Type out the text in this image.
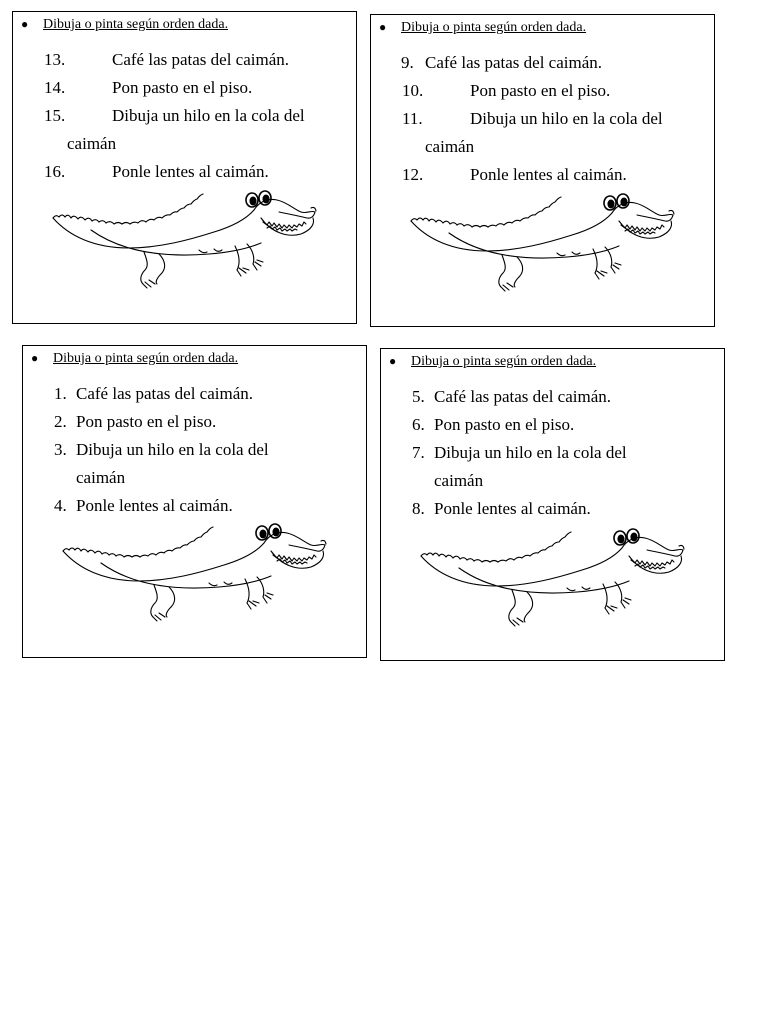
● Dibuja o pinta según orden dada.
13.	Café las patas del caimán.
14.	Pon pasto en el piso.
15.	Dibuja un hilo en la cola del
caimán
16.	Ponle lentes al caimán.
● Dibuja o pinta según orden dada.
9. Café las patas del caimán.
10.	Pon pasto en el piso.
11.	Dibuja un hilo en la cola del
caimán
12.	Ponle lentes al caimán.
● Dibuja o pinta según orden dada.
1. Café las patas del caimán.
2. Pon pasto en el piso.
3. Dibuja un hilo en la cola del
caimán
4. Ponle lentes al caimán.
● Dibuja o pinta según orden dada.
5. Café las patas del caimán.
6. Pon pasto en el piso.
7. Dibuja un hilo en la cola del
caimán
8. Ponle lentes al caimán.
